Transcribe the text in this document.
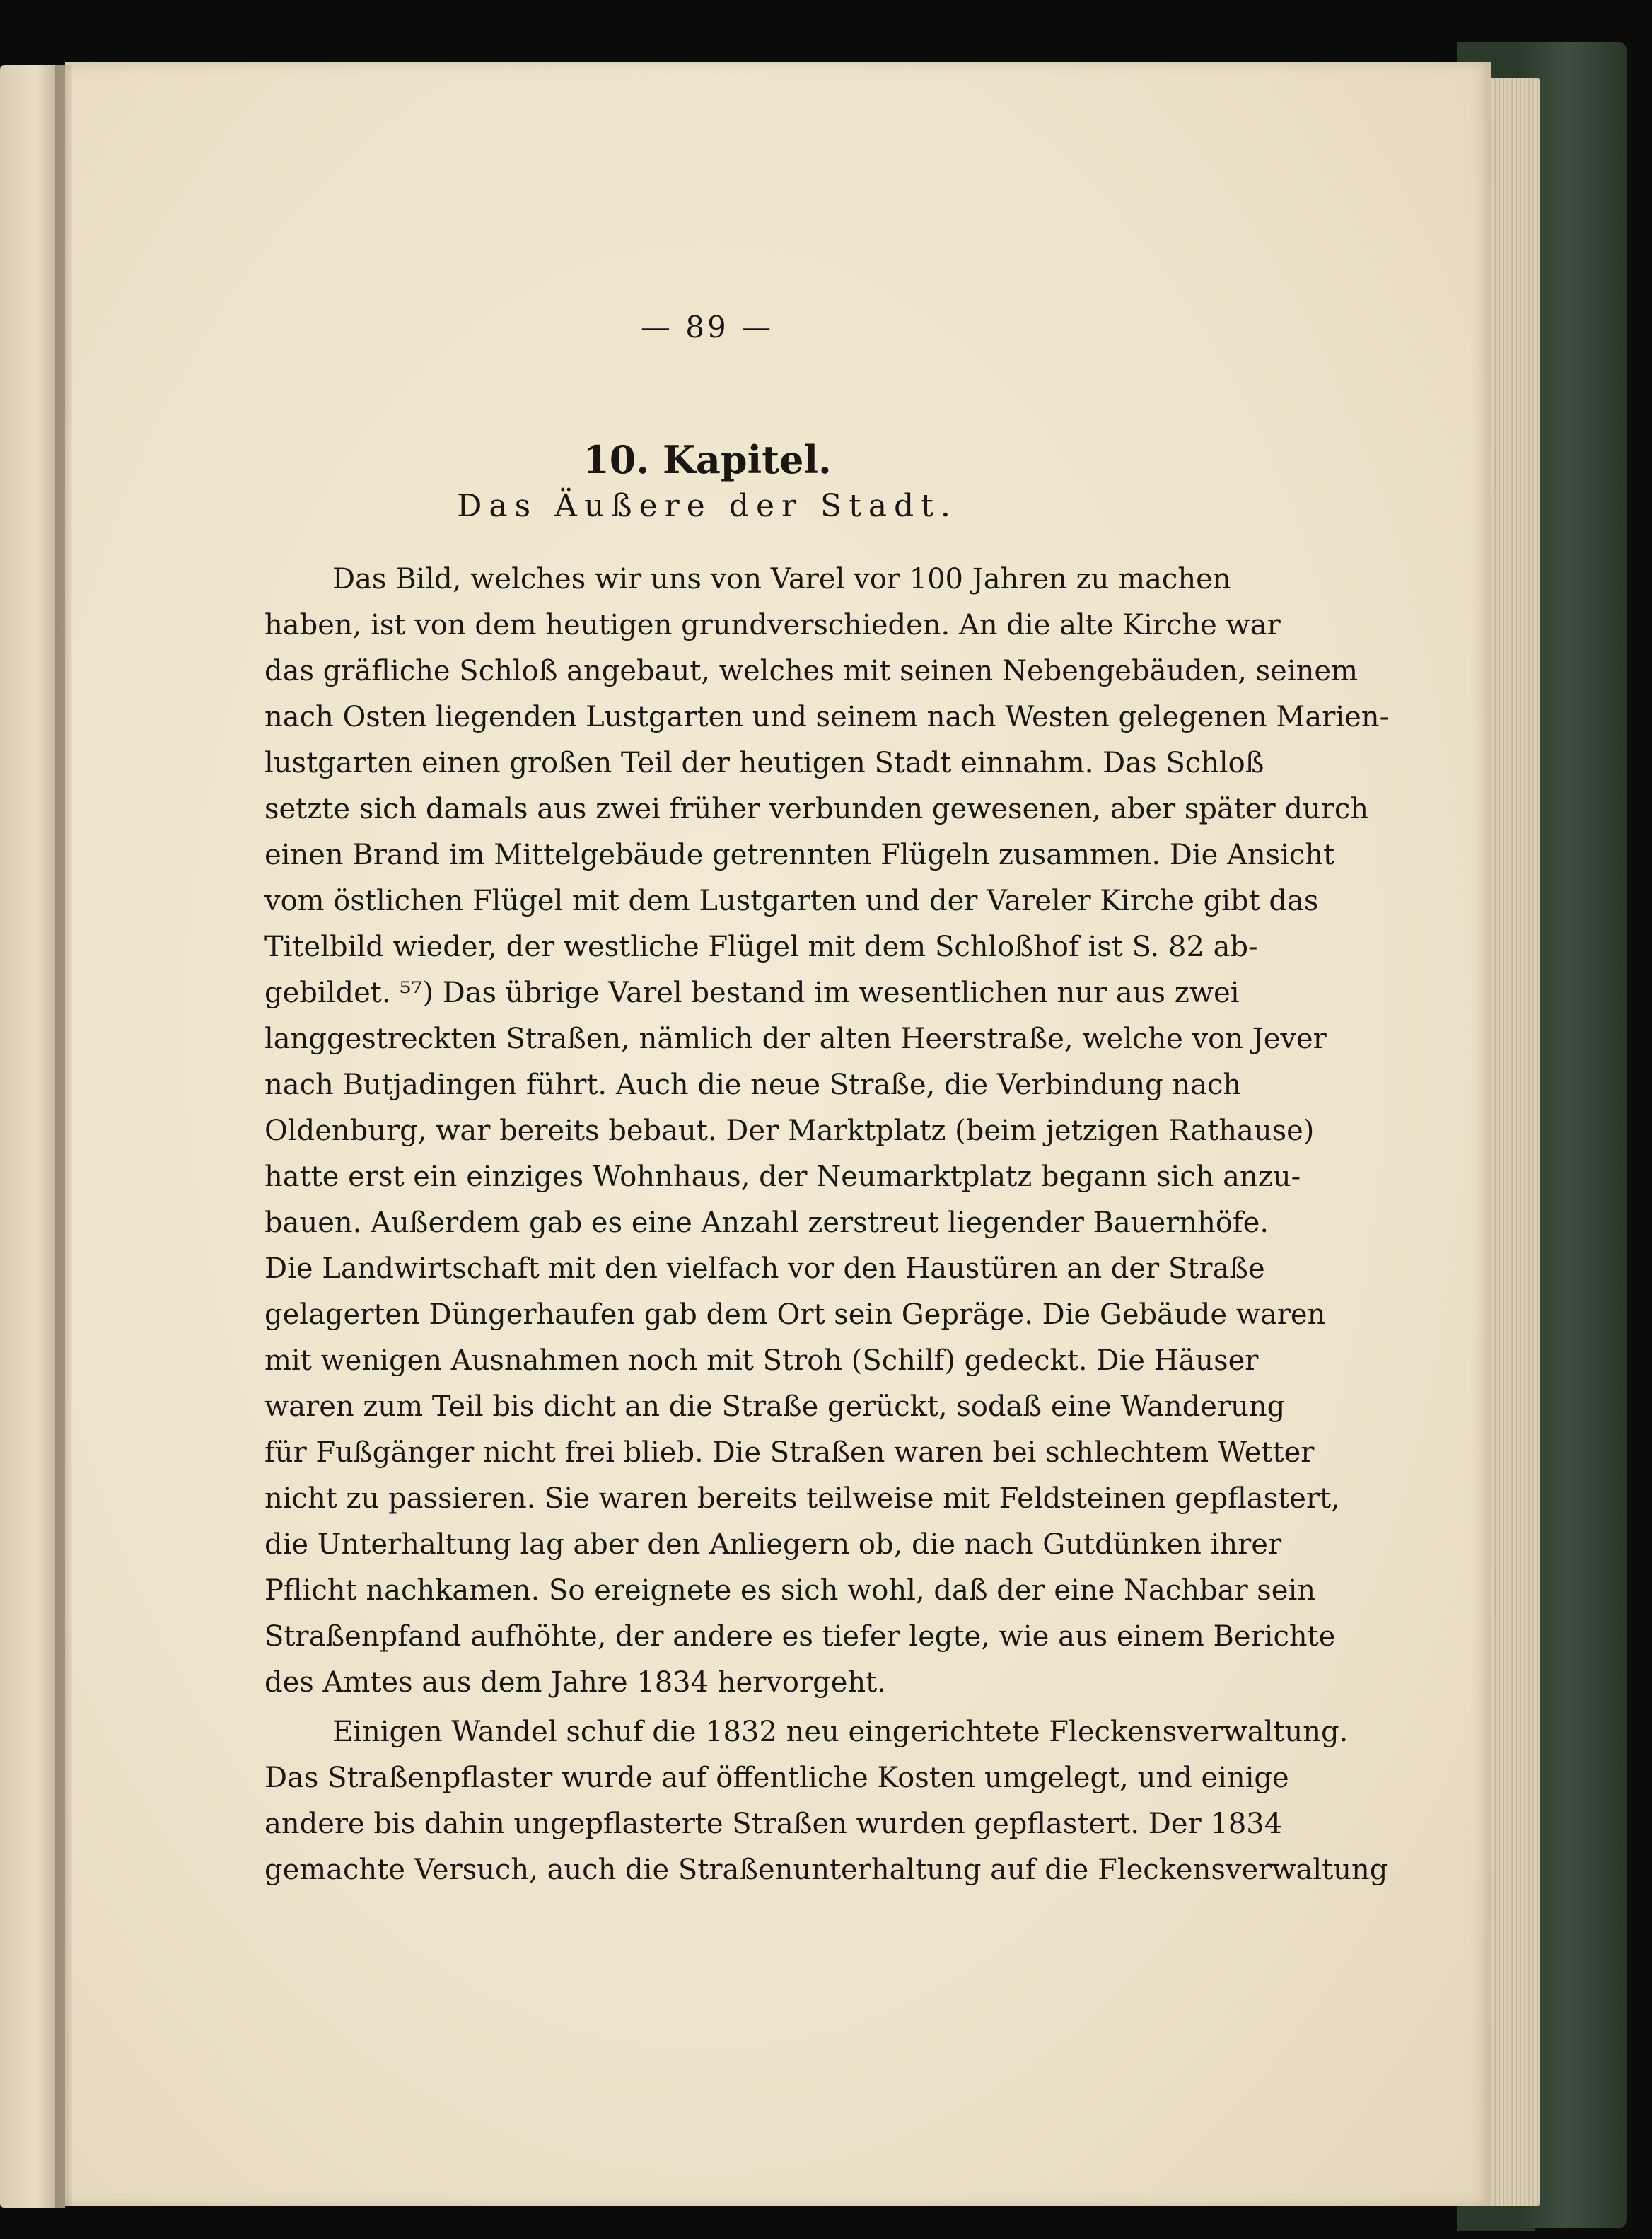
— 89 —
10. Kapitel.
Das Äußere der Stadt.
Das Bild, welches wir uns von Varel vor 100 Jahren zu machen
haben, ist von dem heutigen grundverschieden. An die alte Kirche war
das gräfliche Schloß angebaut, welches mit seinen Nebengebäuden, seinem
nach Osten liegenden Lustgarten und seinem nach Westen gelegenen Marien-
lustgarten einen großen Teil der heutigen Stadt einnahm. Das Schloß
setzte sich damals aus zwei früher verbunden gewesenen, aber später durch
einen Brand im Mittelgebäude getrennten Flügeln zusammen. Die Ansicht
vom östlichen Flügel mit dem Lustgarten und der Vareler Kirche gibt das
Titelbild wieder, der westliche Flügel mit dem Schloßhof ist S. 82 ab-
gebildet. ⁵⁷) Das übrige Varel bestand im wesentlichen nur aus zwei
langgestreckten Straßen, nämlich der alten Heerstraße, welche von Jever
nach Butjadingen führt. Auch die neue Straße, die Verbindung nach
Oldenburg, war bereits bebaut. Der Marktplatz (beim jetzigen Rathause)
hatte erst ein einziges Wohnhaus, der Neumarktplatz begann sich anzu-
bauen. Außerdem gab es eine Anzahl zerstreut liegender Bauernhöfe.
Die Landwirtschaft mit den vielfach vor den Haustüren an der Straße
gelagerten Düngerhaufen gab dem Ort sein Gepräge. Die Gebäude waren
mit wenigen Ausnahmen noch mit Stroh (Schilf) gedeckt. Die Häuser
waren zum Teil bis dicht an die Straße gerückt, sodaß eine Wanderung
für Fußgänger nicht frei blieb. Die Straßen waren bei schlechtem Wetter
nicht zu passieren. Sie waren bereits teilweise mit Feldsteinen gepflastert,
die Unterhaltung lag aber den Anliegern ob, die nach Gutdünken ihrer
Pflicht nachkamen. So ereignete es sich wohl, daß der eine Nachbar sein
Straßenpfand aufhöhte, der andere es tiefer legte, wie aus einem Berichte
des Amtes aus dem Jahre 1834 hervorgeht.
Einigen Wandel schuf die 1832 neu eingerichtete Fleckensverwaltung.
Das Straßenpflaster wurde auf öffentliche Kosten umgelegt, und einige
andere bis dahin ungepflasterte Straßen wurden gepflastert. Der 1834
gemachte Versuch, auch die Straßenunterhaltung auf die Fleckensverwaltung
